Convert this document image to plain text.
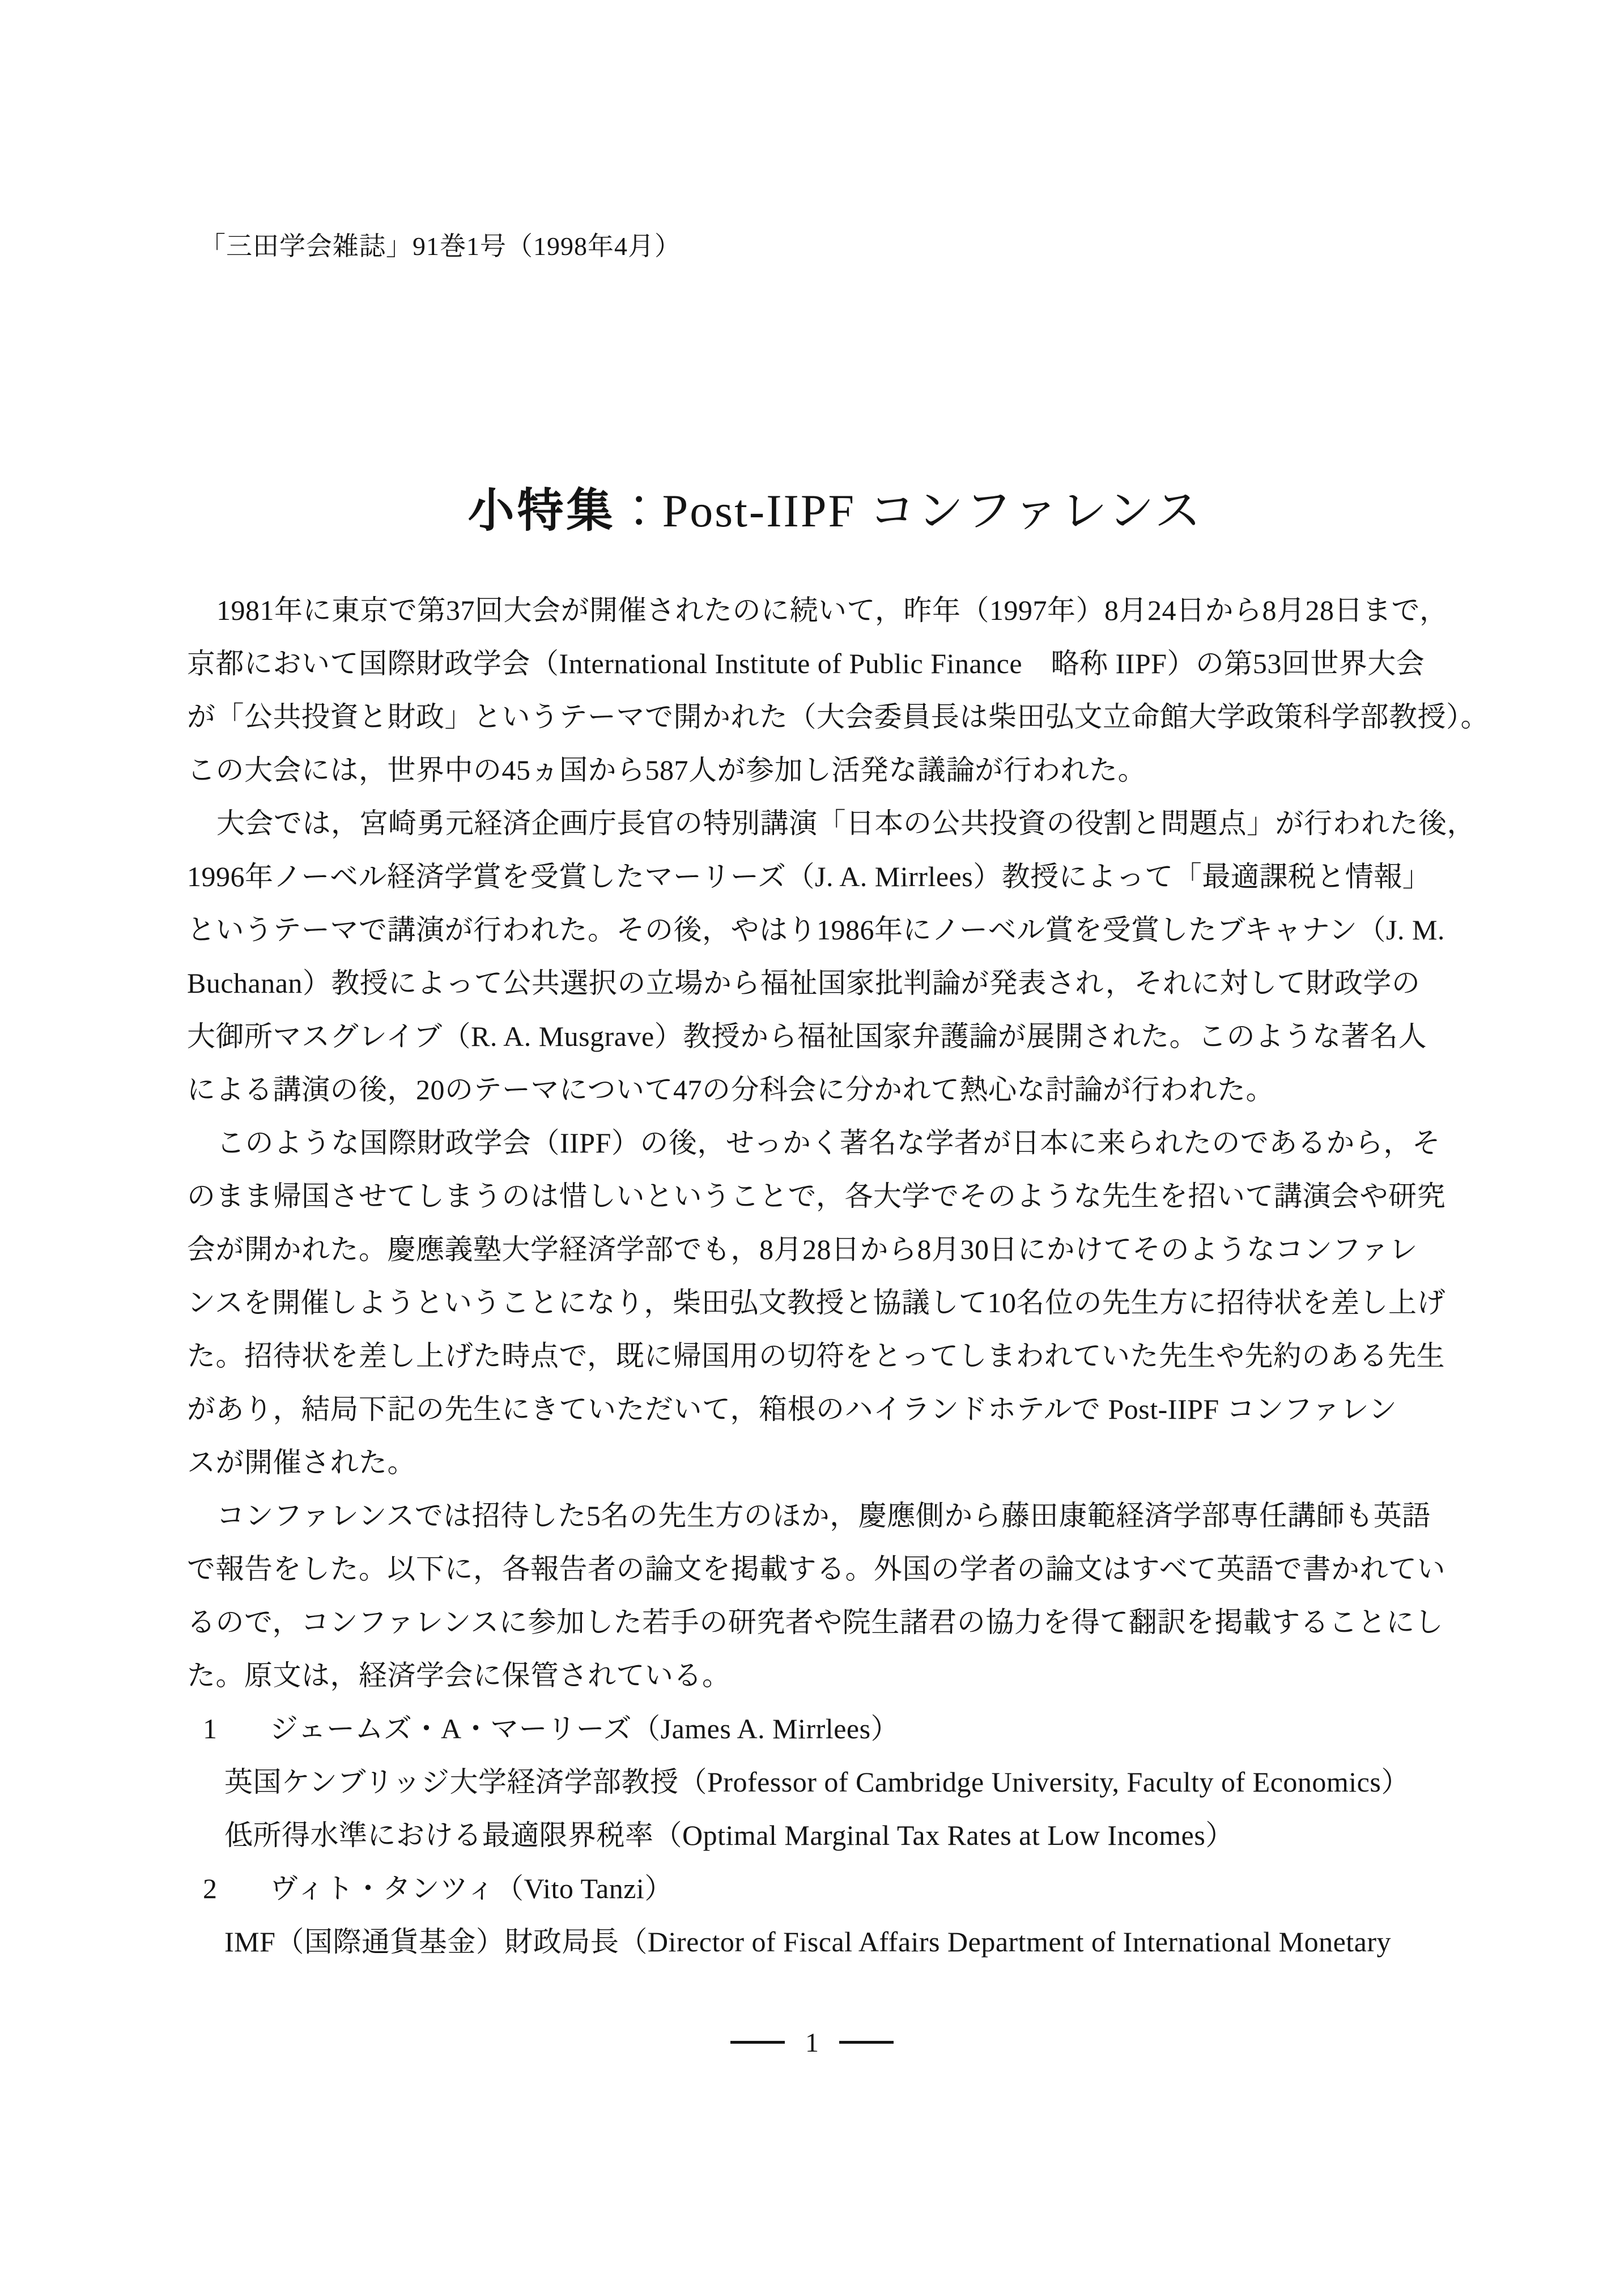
「三田学会雑誌」91巻1号（1998年4月）

小特集：Post-IIPF コンファレンス

1981年に東京で第37回大会が開催されたのに続いて，昨年（1997年）8月24日から8月28日まで，
京都において国際財政学会（International Institute of Public Finance　略称 IIPF）の第53回世界大会
が「公共投資と財政」というテーマで開かれた（大会委員長は柴田弘文立命館大学政策科学部教授）。
この大会には，世界中の45ヵ国から587人が参加し活発な議論が行われた。
大会では，宮崎勇元経済企画庁長官の特別講演「日本の公共投資の役割と問題点」が行われた後，
1996年ノーベル経済学賞を受賞したマーリーズ（J. A. Mirrlees）教授によって「最適課税と情報」
というテーマで講演が行われた。その後，やはり1986年にノーベル賞を受賞したブキャナン（J. M.
Buchanan）教授によって公共選択の立場から福祉国家批判論が発表され，それに対して財政学の
大御所マスグレイブ（R. A. Musgrave）教授から福祉国家弁護論が展開された。このような著名人
による講演の後，20のテーマについて47の分科会に分かれて熱心な討論が行われた。
このような国際財政学会（IIPF）の後，せっかく著名な学者が日本に来られたのであるから，そ
のまま帰国させてしまうのは惜しいということで，各大学でそのような先生を招いて講演会や研究
会が開かれた。慶應義塾大学経済学部でも，8月28日から8月30日にかけてそのようなコンファレ
ンスを開催しようということになり，柴田弘文教授と協議して10名位の先生方に招待状を差し上げ
た。招待状を差し上げた時点で，既に帰国用の切符をとってしまわれていた先生や先約のある先生
があり，結局下記の先生にきていただいて，箱根のハイランドホテルで Post-IIPF コンファレン
スが開催された。
コンファレンスでは招待した5名の先生方のほか，慶應側から藤田康範経済学部専任講師も英語
で報告をした。以下に，各報告者の論文を掲載する。外国の学者の論文はすべて英語で書かれてい
るので，コンファレンスに参加した若手の研究者や院生諸君の協力を得て翻訳を掲載することにし
た。原文は，経済学会に保管されている。
1 ジェームズ・A・マーリーズ（James A. Mirrlees）
英国ケンブリッジ大学経済学部教授（Professor of Cambridge University, Faculty of Economics）
低所得水準における最適限界税率（Optimal Marginal Tax Rates at Low Incomes）
2 ヴィト・タンツィ（Vito Tanzi）
IMF（国際通貨基金）財政局長（Director of Fiscal Affairs Department of International Monetary
1
